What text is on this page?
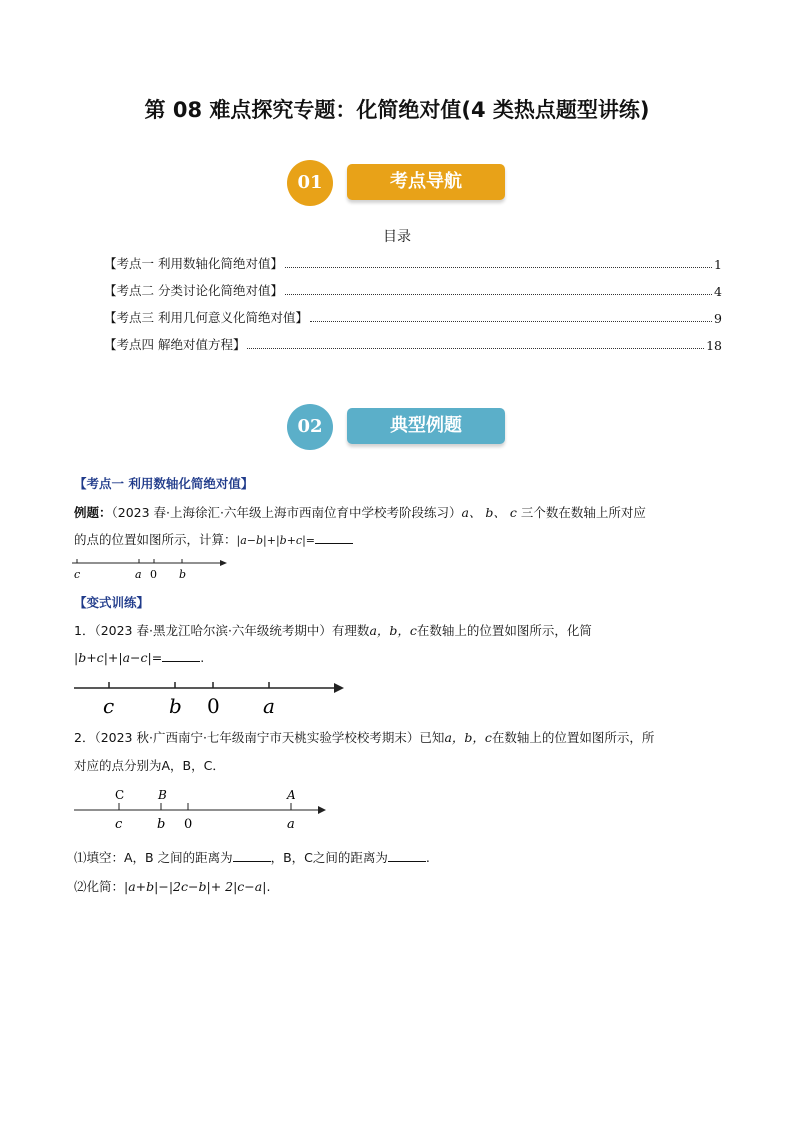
第 08 难点探究专题：化简绝对值(4 类热点题型讲练)
01	考点导航
目录
【考点一 利用数轴化简绝对值】	1
【考点二 分类讨论化简绝对值】	4
【考点三 利用几何意义化简绝对值】	9
【考点四 解绝对值方程】	18
02	典型例题
【考点一 利用数轴化简绝对值】
例题：（2023 春·上海徐汇·六年级上海市西南位育中学校考阶段练习）a、 b、 c 三个数在数轴上所对应
的点的位置如图所示，计算：|a−b|+|b+c|=
c	a 0 b
【变式训练】
1．（2023 春·黑龙江哈尔滨·六年级统考期中）有理数a，b，c在数轴上的位置如图所示，化简
|b+c|+|a−c|=	.
c	b 0 a
2．（2023 秋·广西南宁·七年级南宁市天桃实验学校校考期末）已知a，b，c在数轴上的位置如图所示，所
对应的点分别为A，B，C．
C	B	A
c	b 0	a
⑴填空：A，B 之间的距离为	，B，C之间的距离为	.
⑵化简：|a+b|−|2c−b|+ 2|c−a|.
